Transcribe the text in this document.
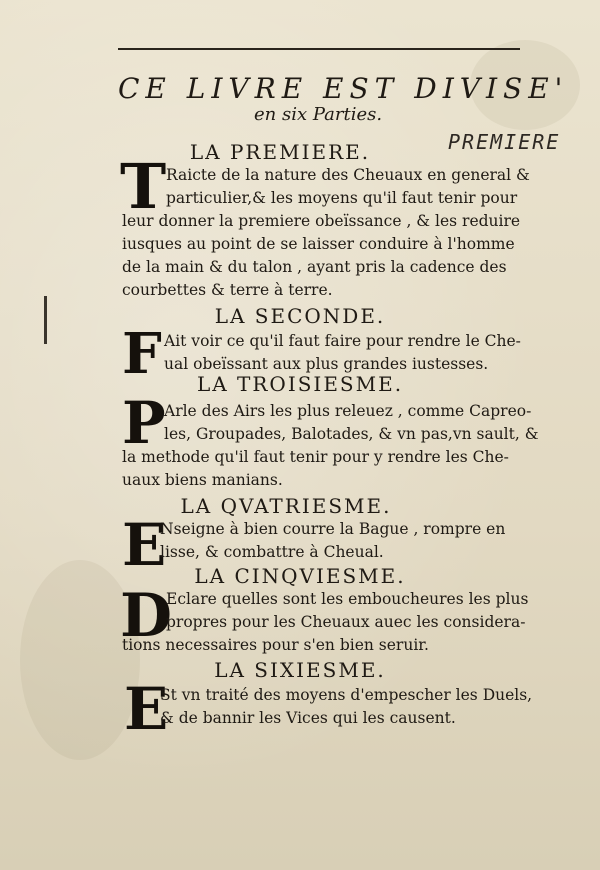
CE LIVRE EST DIVISE'
en six Parties.
PREMIERE
LA PREMIERE.
T Raicte de la nature des Cheuaux en general &
particulier,& les moyens qu'il faut tenir pour
leur donner la premiere obeïssance , & les reduire
iusques au point de se laisser conduire à l'homme
de la main & du talon , ayant pris la cadence des
courbettes & terre à terre.
LA SECONDE.
F Ait voir ce qu'il faut faire pour rendre le Che-
ual obeïssant aux plus grandes iustesses.
LA TROISIESME.
P
Arle des Airs les plus releuez , comme Capreo-
les, Groupades, Balotades, & vn pas,vn sault, &
la methode qu'il faut tenir pour y rendre les Che-
uaux biens manians.
LA QVATRIESME.
E
Nseigne à bien courre la Bague , rompre en
lisse, & combattre à Cheual.
LA CINQVIESME.
D
Eclare quelles sont les embouchеures les plus
propres pour les Cheuaux auec les considera-
tions necessaires pour s'en bien seruir.
LA SIXIESME.
E
St vn traité des moyens d'empescher les Duels,
& de bannir les Vices qui les causent.
